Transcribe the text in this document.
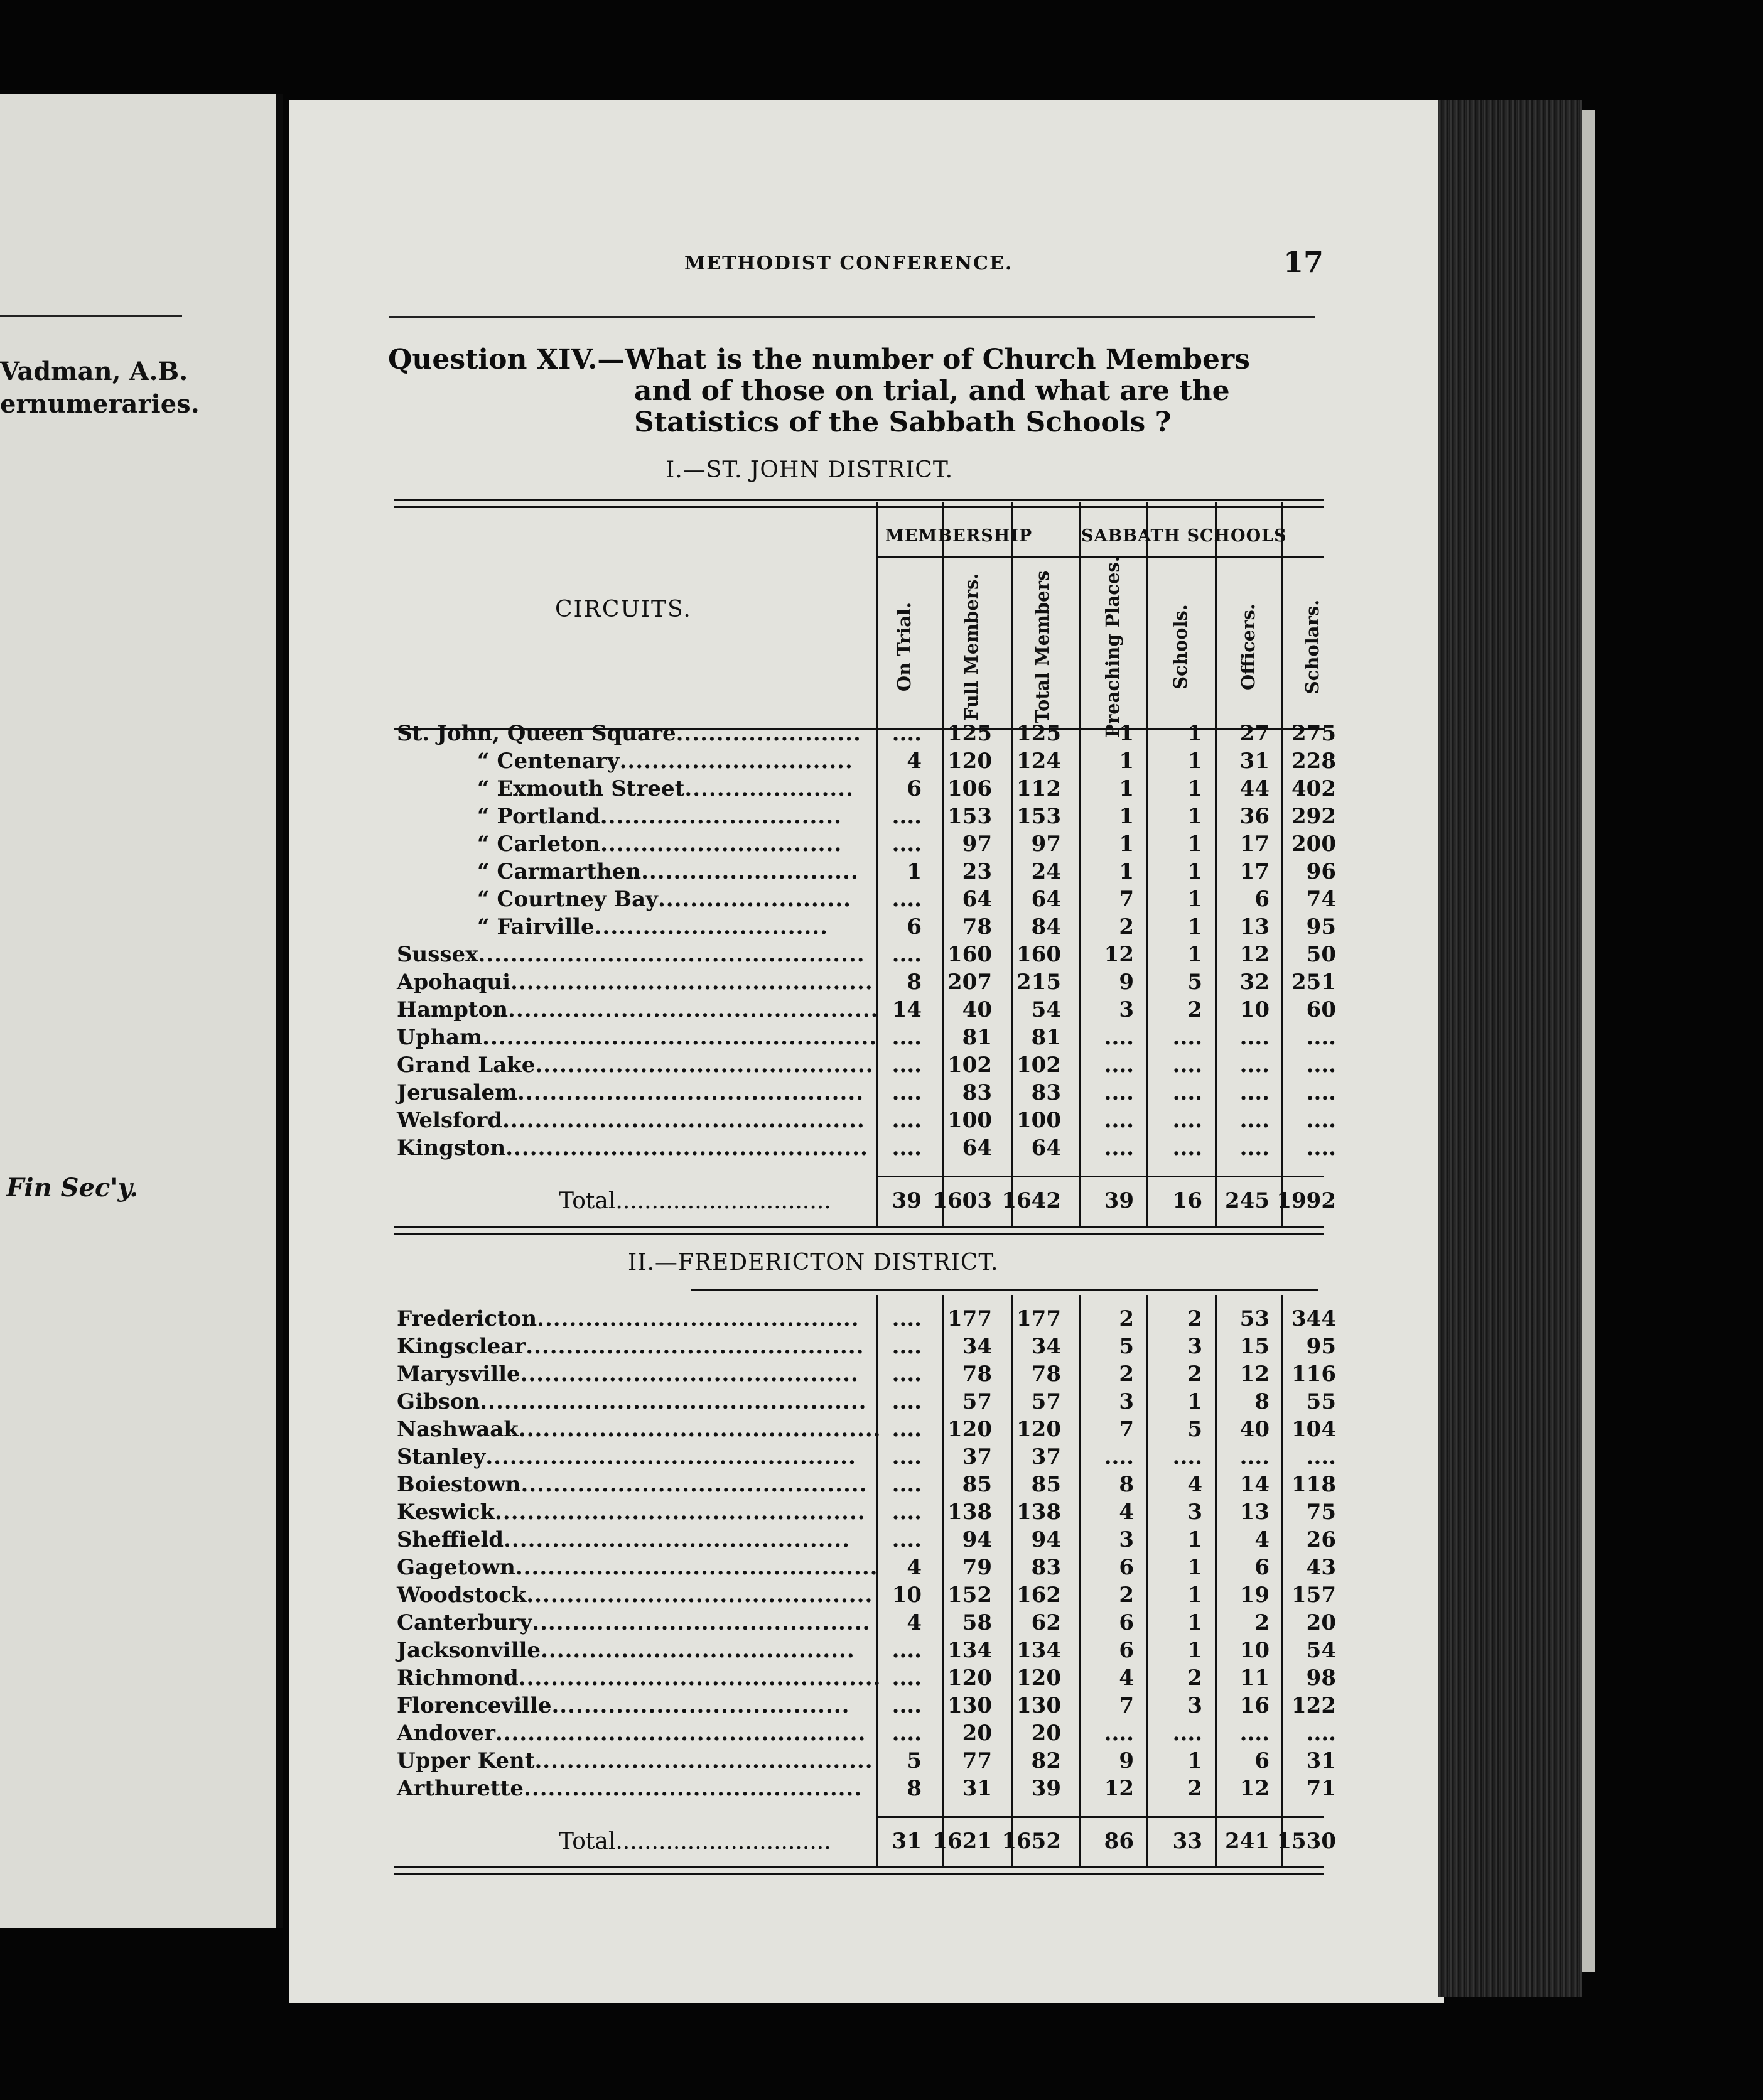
Vadman, A.B.
ernumeraries.
Fin Sec'y.
METHODIST CONFERENCE.	17
Question XIV.—What is the number of Church Members
and of those on trial, and what are the
Statistics of the Sabbath Schools ?
I.—ST. JOHN DISTRICT.
MEMBERSHIP	SABBATH SCHOOLS
CIRCUITS.	On Trial.	Full Members.	Total Members	Preaching Places.	Schools.	Officers. Scholars.
St. John, Queen Square.......................	....	125	125	1	1	27	275
“ Centenary.............................	4	120	124	1	1	31	228
“ Exmouth Street.....................	6	106	112	1	1	44	402
“ Portland..............................	....	153	153	1	1	36	292
“ Carleton..............................	....	97	97	1	1	17	200
“ Carmarthen...........................	1	23	24	1	1	17	96
“ Courtney Bay........................	....	64	64	7	1	6	74
“ Fairville.............................	6	78	84	2	1	13	95
Sussex................................................	....	160	160	12	1	12	50
Apohaqui.............................................	8	207	215	9	5	32	251
Hampton.............................................. 14	40	54	3	2	10	60
Upham................................................. ....	81	81	....	....	....	....
Grand Lake.......................................... ....	102	102	....	....	....	....
Jerusalem...........................................	....	83	83	....	....	....	....
Welsford.............................................	....	100	100	....	....	....	....
Kingston.............................................	....	64	64	....	....	....	....
Total..............................	39 1603 1642	39	16	245 1992
II.—FREDERICTON DISTRICT.
Fredericton........................................	....	177	177	2	2	53	344
Kingsclear..........................................	....	34	34	5	3	15	95
Marysville..........................................	....	78	78	2	2	12	116
Gibson................................................	....	57	57	3	1	8	55
Nashwaak............................................. ....	120	120	7	5	40	104
Stanley..............................................	....	37	37	....	....	....	....
Boiestown...........................................	....	85	85	8	4	14	118
Keswick..............................................	....	138	138	4	3	13	75
Sheffield...........................................	....	94	94	3	1	4	26
Gagetown.............................................	4	79	83	6	1	6	43
Woodstock........................................... 10	152	162	2	1	19	157
Canterbury..........................................	4	58	62	6	1	2	20
Jacksonville.......................................	....	134	134	6	1	10	54
Richmond............................................. ....	120	120	4	2	11	98
Florenceville.....................................	....	130	130	7	3	16	122
Andover..............................................	....	20	20	....	....	....	....
Upper Kent..........................................	5	77	82	9	1	6	31
Arthurette..........................................	8	31	39	12	2	12	71
Total..............................	31 1621 1652	86	33	241 1530
